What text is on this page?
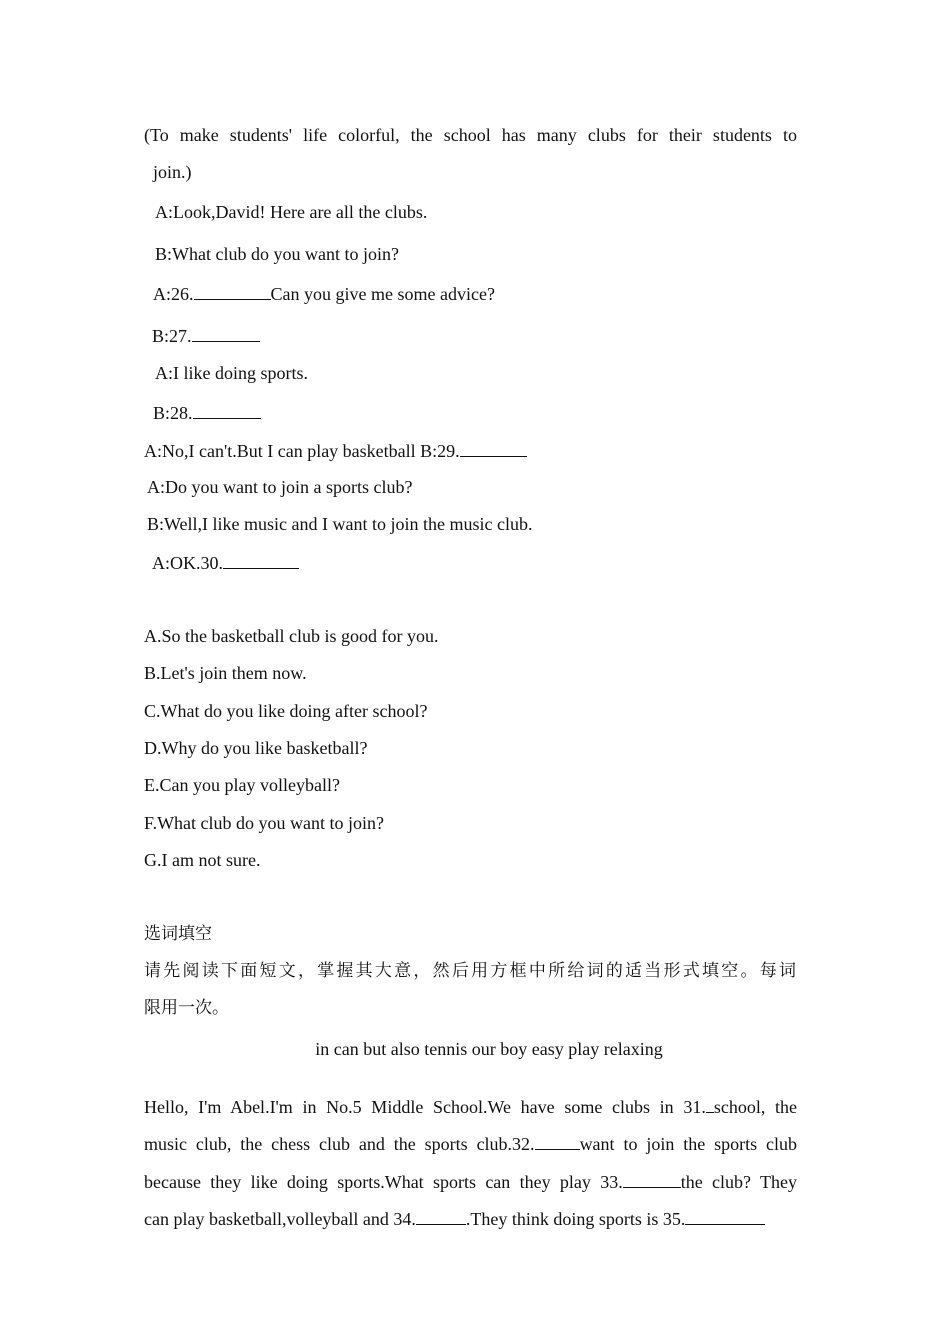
(To make students' life colorful, the school has many clubs for their students to
join.)
A:Look,David! Here are all the clubs.
B:What club do you want to join?
A:26.	Can you give me some advice?
B:27.
A:I like doing sports.
B:28.
A:No,I can't.But I can play basketball B:29.
A:Do you want to join a sports club?
B:Well,I like music and I want to join the music club.
A:OK.30.
A.So the basketball club is good for you.
B.Let's join them now.
C.What do you like doing after school?
D.Why do you like basketball?
E.Can you play volleyball?
F.What club do you want to join?
G.I am not sure.
选词填空
请先阅读下面短文，掌握其大意，然后用方框中所给词的适当形式填空。每词
限用一次。
in can but also tennis our boy easy play relaxing
Hello, I'm Abel.I'm in No.5 Middle School.We have some clubs in 31. school, the
music club, the chess club and the sports club.32.	want to join the sports club
because they like doing sports.What sports can they play 33.	the club? They
can play basketball,volleyball and 34.	.They think doing sports is 35.
